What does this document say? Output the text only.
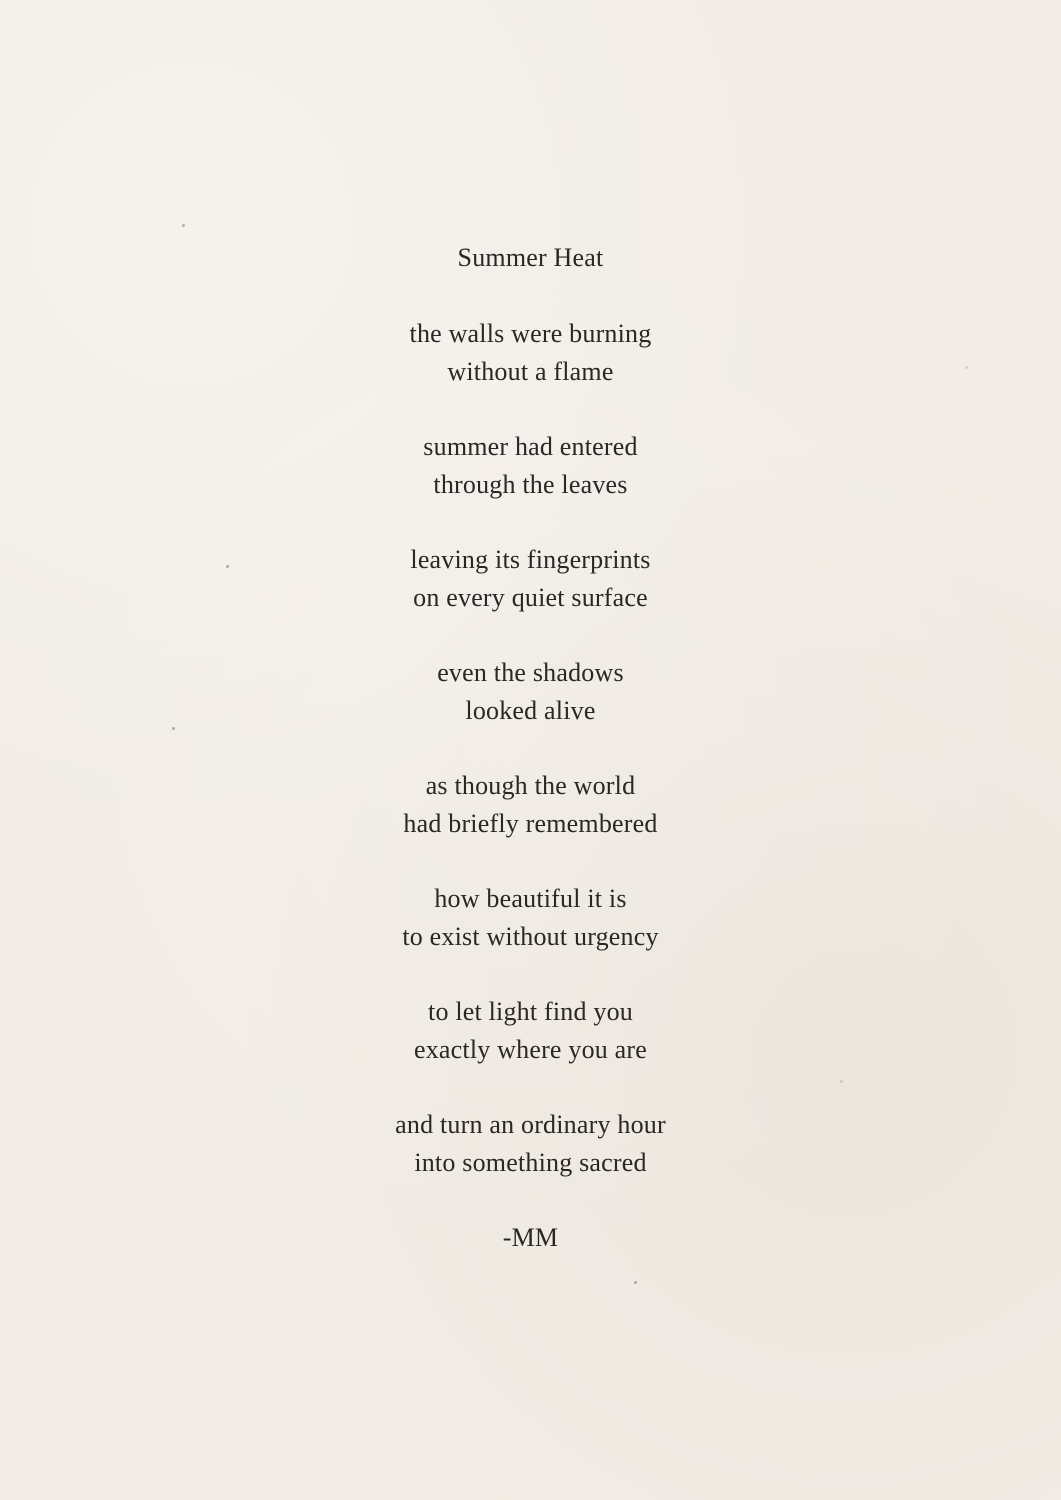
Summer Heat
the walls were burning
without a flame
summer had entered
through the leaves
leaving its fingerprints
on every quiet surface
even the shadows
looked alive
as though the world
had briefly remembered
how beautiful it is
to exist without urgency
to let light find you
exactly where you are
and turn an ordinary hour
into something sacred
-MM
